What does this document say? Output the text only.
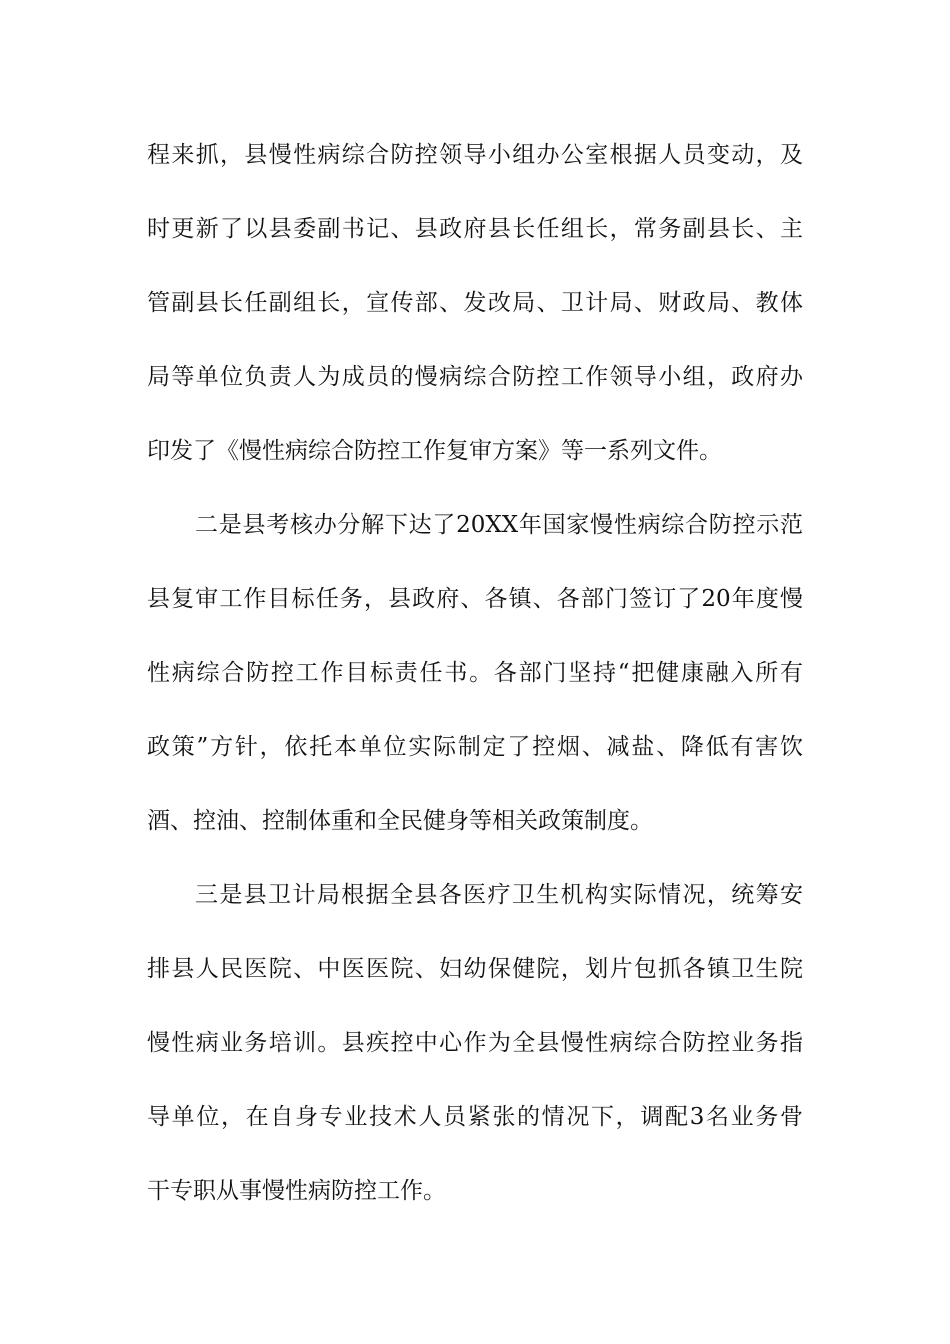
程来抓，县慢性病综合防控领导小组办公室根据人员变动，及
时更新了以县委副书记、县政府县长任组长，常务副县长、主
管副县长任副组长，宣传部、发改局、卫计局、财政局、教体
局等单位负责人为成员的慢病综合防控工作领导小组，政府办
印发了《慢性病综合防控工作复审方案》等一系列文件。
二是县考核办分解下达了20XX年国家慢性病综合防控示范
县复审工作目标任务，县政府、各镇、各部门签订了20年度慢
性病综合防控工作目标责任书。各部门坚持“把健康融入所有
政策”方针，依托本单位实际制定了控烟、减盐、降低有害饮
酒、控油、控制体重和全民健身等相关政策制度。
三是县卫计局根据全县各医疗卫生机构实际情况，统筹安
排县人民医院、中医医院、妇幼保健院，划片包抓各镇卫生院
慢性病业务培训。县疾控中心作为全县慢性病综合防控业务指
导单位，在自身专业技术人员紧张的情况下，调配3名业务骨
干专职从事慢性病防控工作。
